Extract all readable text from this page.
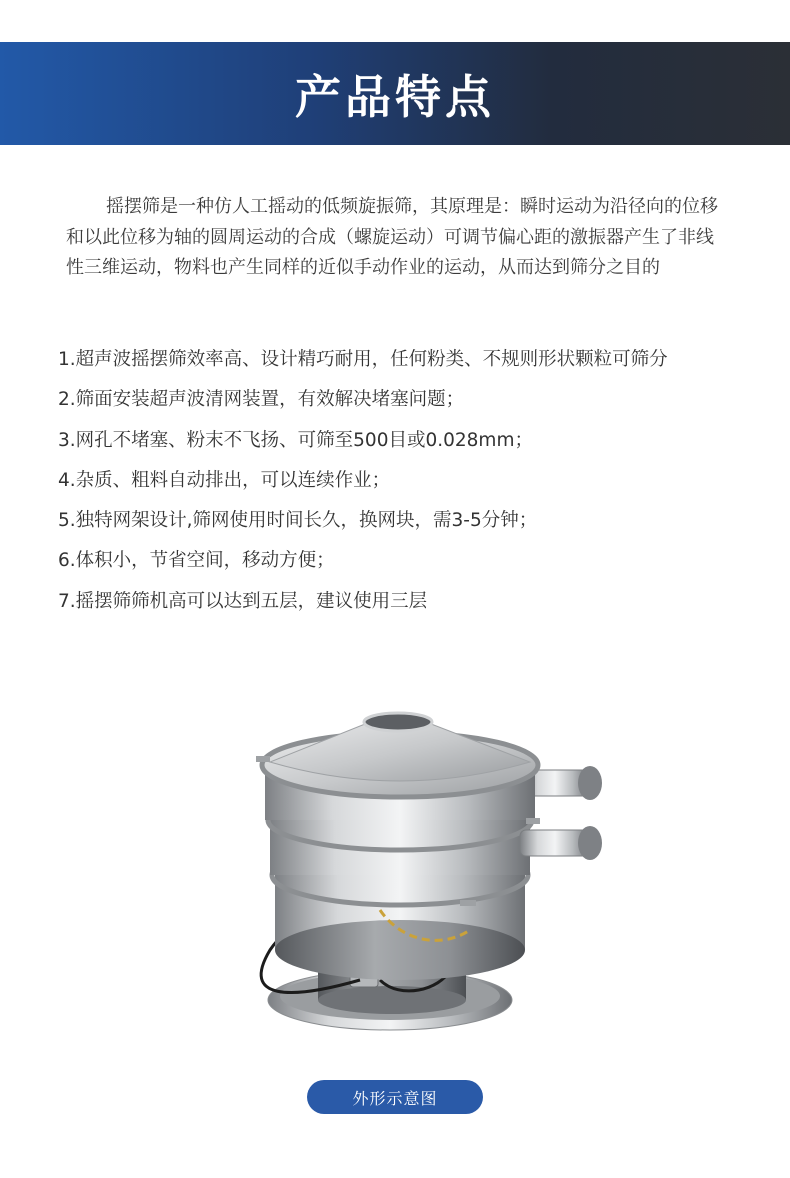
产品特点

摇摆筛是一种仿人工摇动的低频旋振筛，其原理是：瞬时运动为沿径向的位移和以此位移为轴的圆周运动的合成（螺旋运动）可调节偏心距的激振器产生了非线性三维运动，物料也产生同样的近似手动作业的运动，从而达到筛分之目的

1.超声波摇摆筛效率高、设计精巧耐用，任何粉类、不规则形状颗粒可筛分
2.筛面安装超声波清网装置，有效解决堵塞问题；
3.网孔不堵塞、粉末不飞扬、可筛至500目或0.028mm；
4.杂质、粗料自动排出，可以连续作业；
5.独特网架设计,筛网使用时间长久，换网块，需3-5分钟；
6.体积小，节省空间，移动方便；
7.摇摆筛筛机高可以达到五层，建议使用三层
外形示意图
